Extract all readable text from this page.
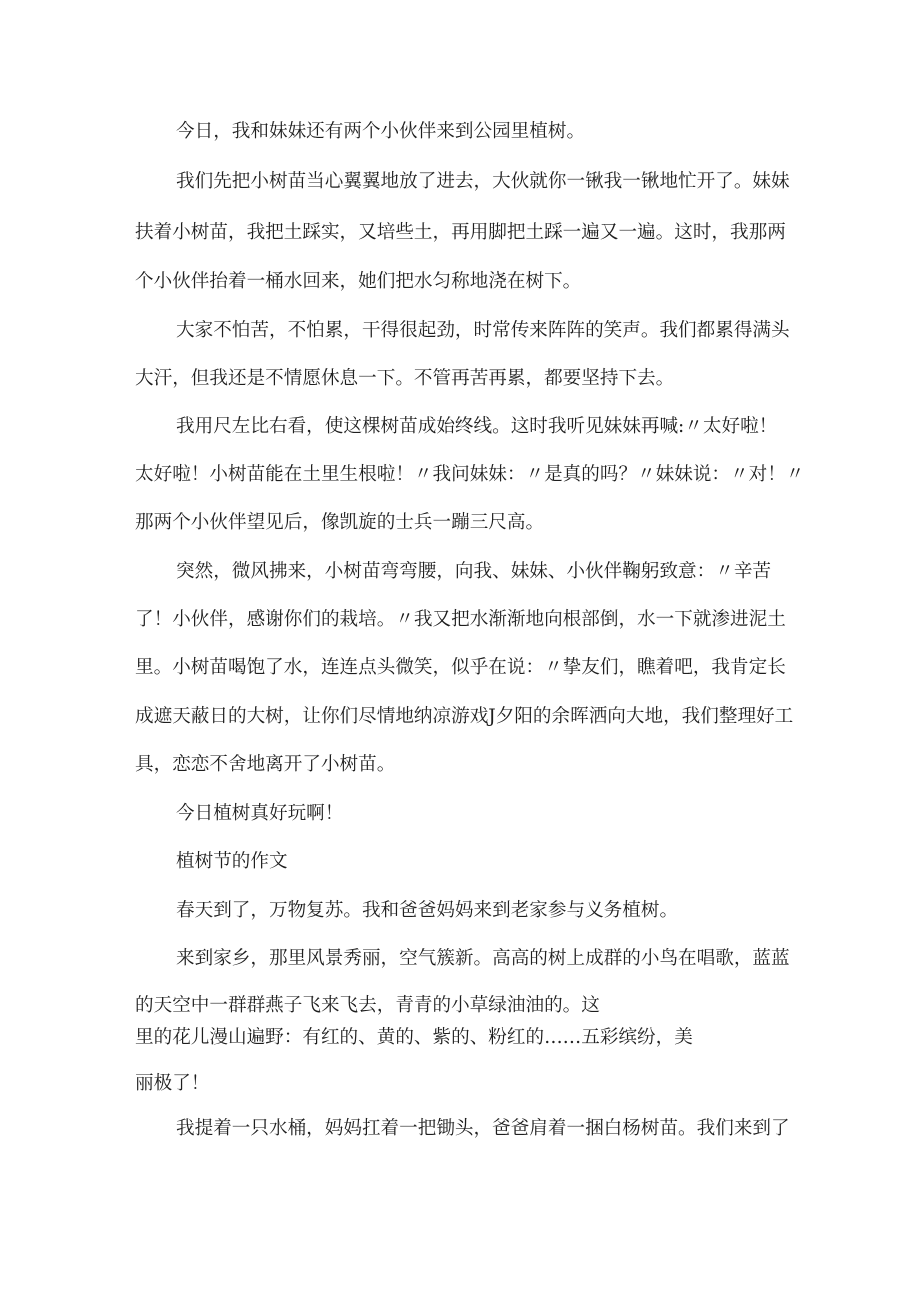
今日，我和妹妹还有两个小伙伴来到公园里植树。
我们先把小树苗当心翼翼地放了进去，大伙就你一锹我一锹地忙开了。妹妹
扶着小树苗，我把土踩实，又培些土，再用脚把土踩一遍又一遍。这时，我那两
个小伙伴抬着一桶水回来，她们把水匀称地浇在树下。
大家不怕苦，不怕累，干得很起劲，时常传来阵阵的笑声。我们都累得满头
大汗，但我还是不情愿休息一下。不管再苦再累，都要坚持下去。
我用尺左比右看，使这棵树苗成始终线。这时我听见妹妹再喊:〃太好啦！
太好啦！小树苗能在土里生根啦！〃我问妹妹：〃是真的吗？〃妹妹说：〃对！〃
那两个小伙伴望见后，像凯旋的士兵一蹦三尺高。
突然，微风拂来，小树苗弯弯腰，向我、妹妹、小伙伴鞠躬致意：〃辛苦
了！小伙伴，感谢你们的栽培。〃我又把水渐渐地向根部倒，水一下就渗进泥土
里。小树苗喝饱了水，连连点头微笑，似乎在说：〃挚友们，瞧着吧，我肯定长
成遮天蔽日的大树，让你们尽情地纳凉游戏J夕阳的余晖洒向大地，我们整理好工
具，恋恋不舍地离开了小树苗。
今日植树真好玩啊！
植树节的作文
春天到了，万物复苏。我和爸爸妈妈来到老家参与义务植树。
来到家乡，那里风景秀丽，空气簇新。高高的树上成群的小鸟在唱歌，蓝蓝
的天空中一群群燕子飞来飞去，青青的小草绿油油的。这
里的花儿漫山遍野：有红的、黄的、紫的、粉红的……五彩缤纷，美
丽极了！
我提着一只水桶，妈妈扛着一把锄头，爸爸肩着一捆白杨树苗。我们来到了
